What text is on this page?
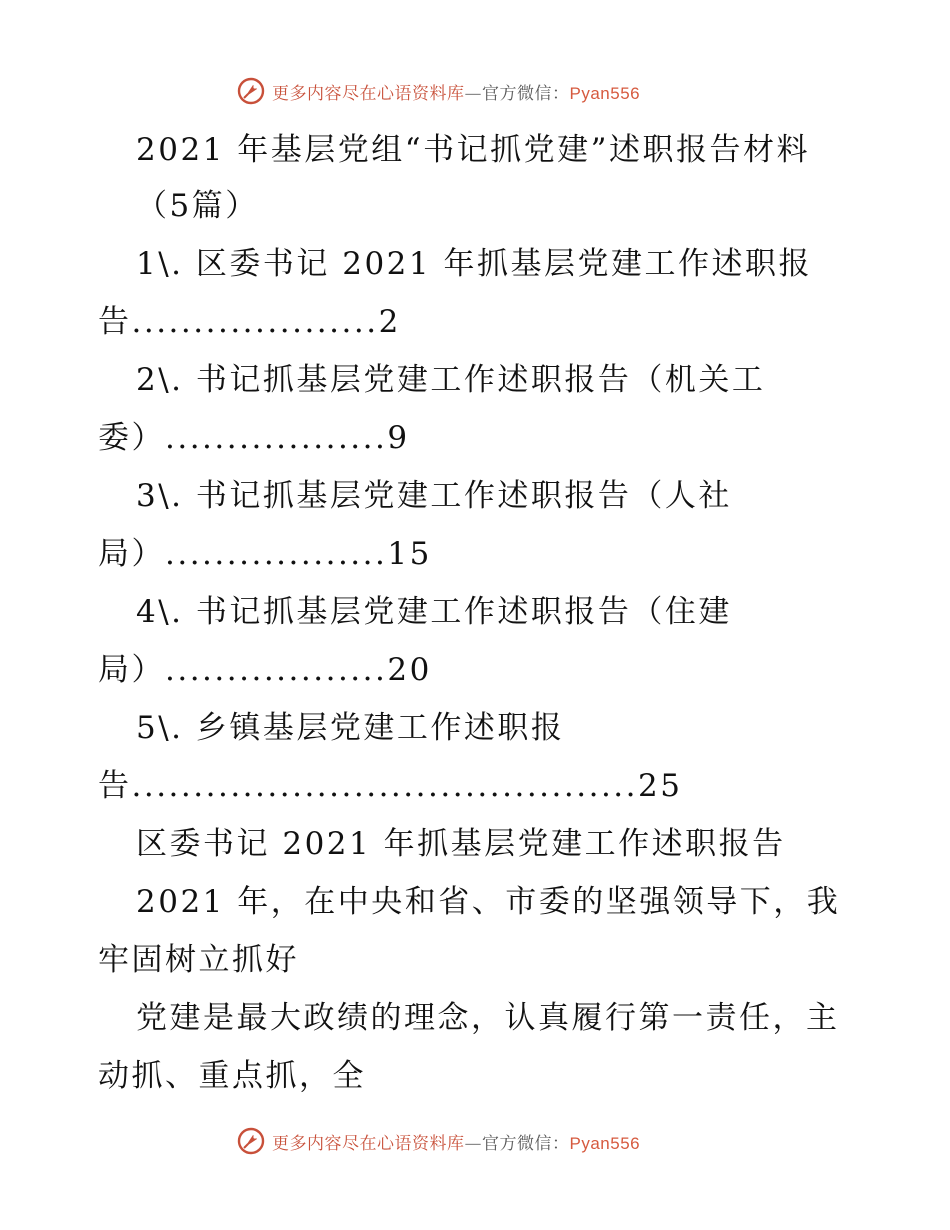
更多内容尽在心语资料库—官方微信：Pyan556
2021 年基层党组“书记抓党建”述职报告材料
（5篇）
1\. 区委书记 2021 年抓基层党建工作述职报
告....................2
2\. 书记抓基层党建工作述职报告（机关工
委）..................9
3\. 书记抓基层党建工作述职报告（人社
局）..................15
4\. 书记抓基层党建工作述职报告（住建
局）..................20
5\. 乡镇基层党建工作述职报
告.........................................25
区委书记 2021 年抓基层党建工作述职报告
2021 年，在中央和省、市委的坚强领导下，我
牢固树立抓好
党建是最大政绩的理念，认真履行第一责任，主
动抓、重点抓，全
更多内容尽在心语资料库—官方微信：Pyan556
